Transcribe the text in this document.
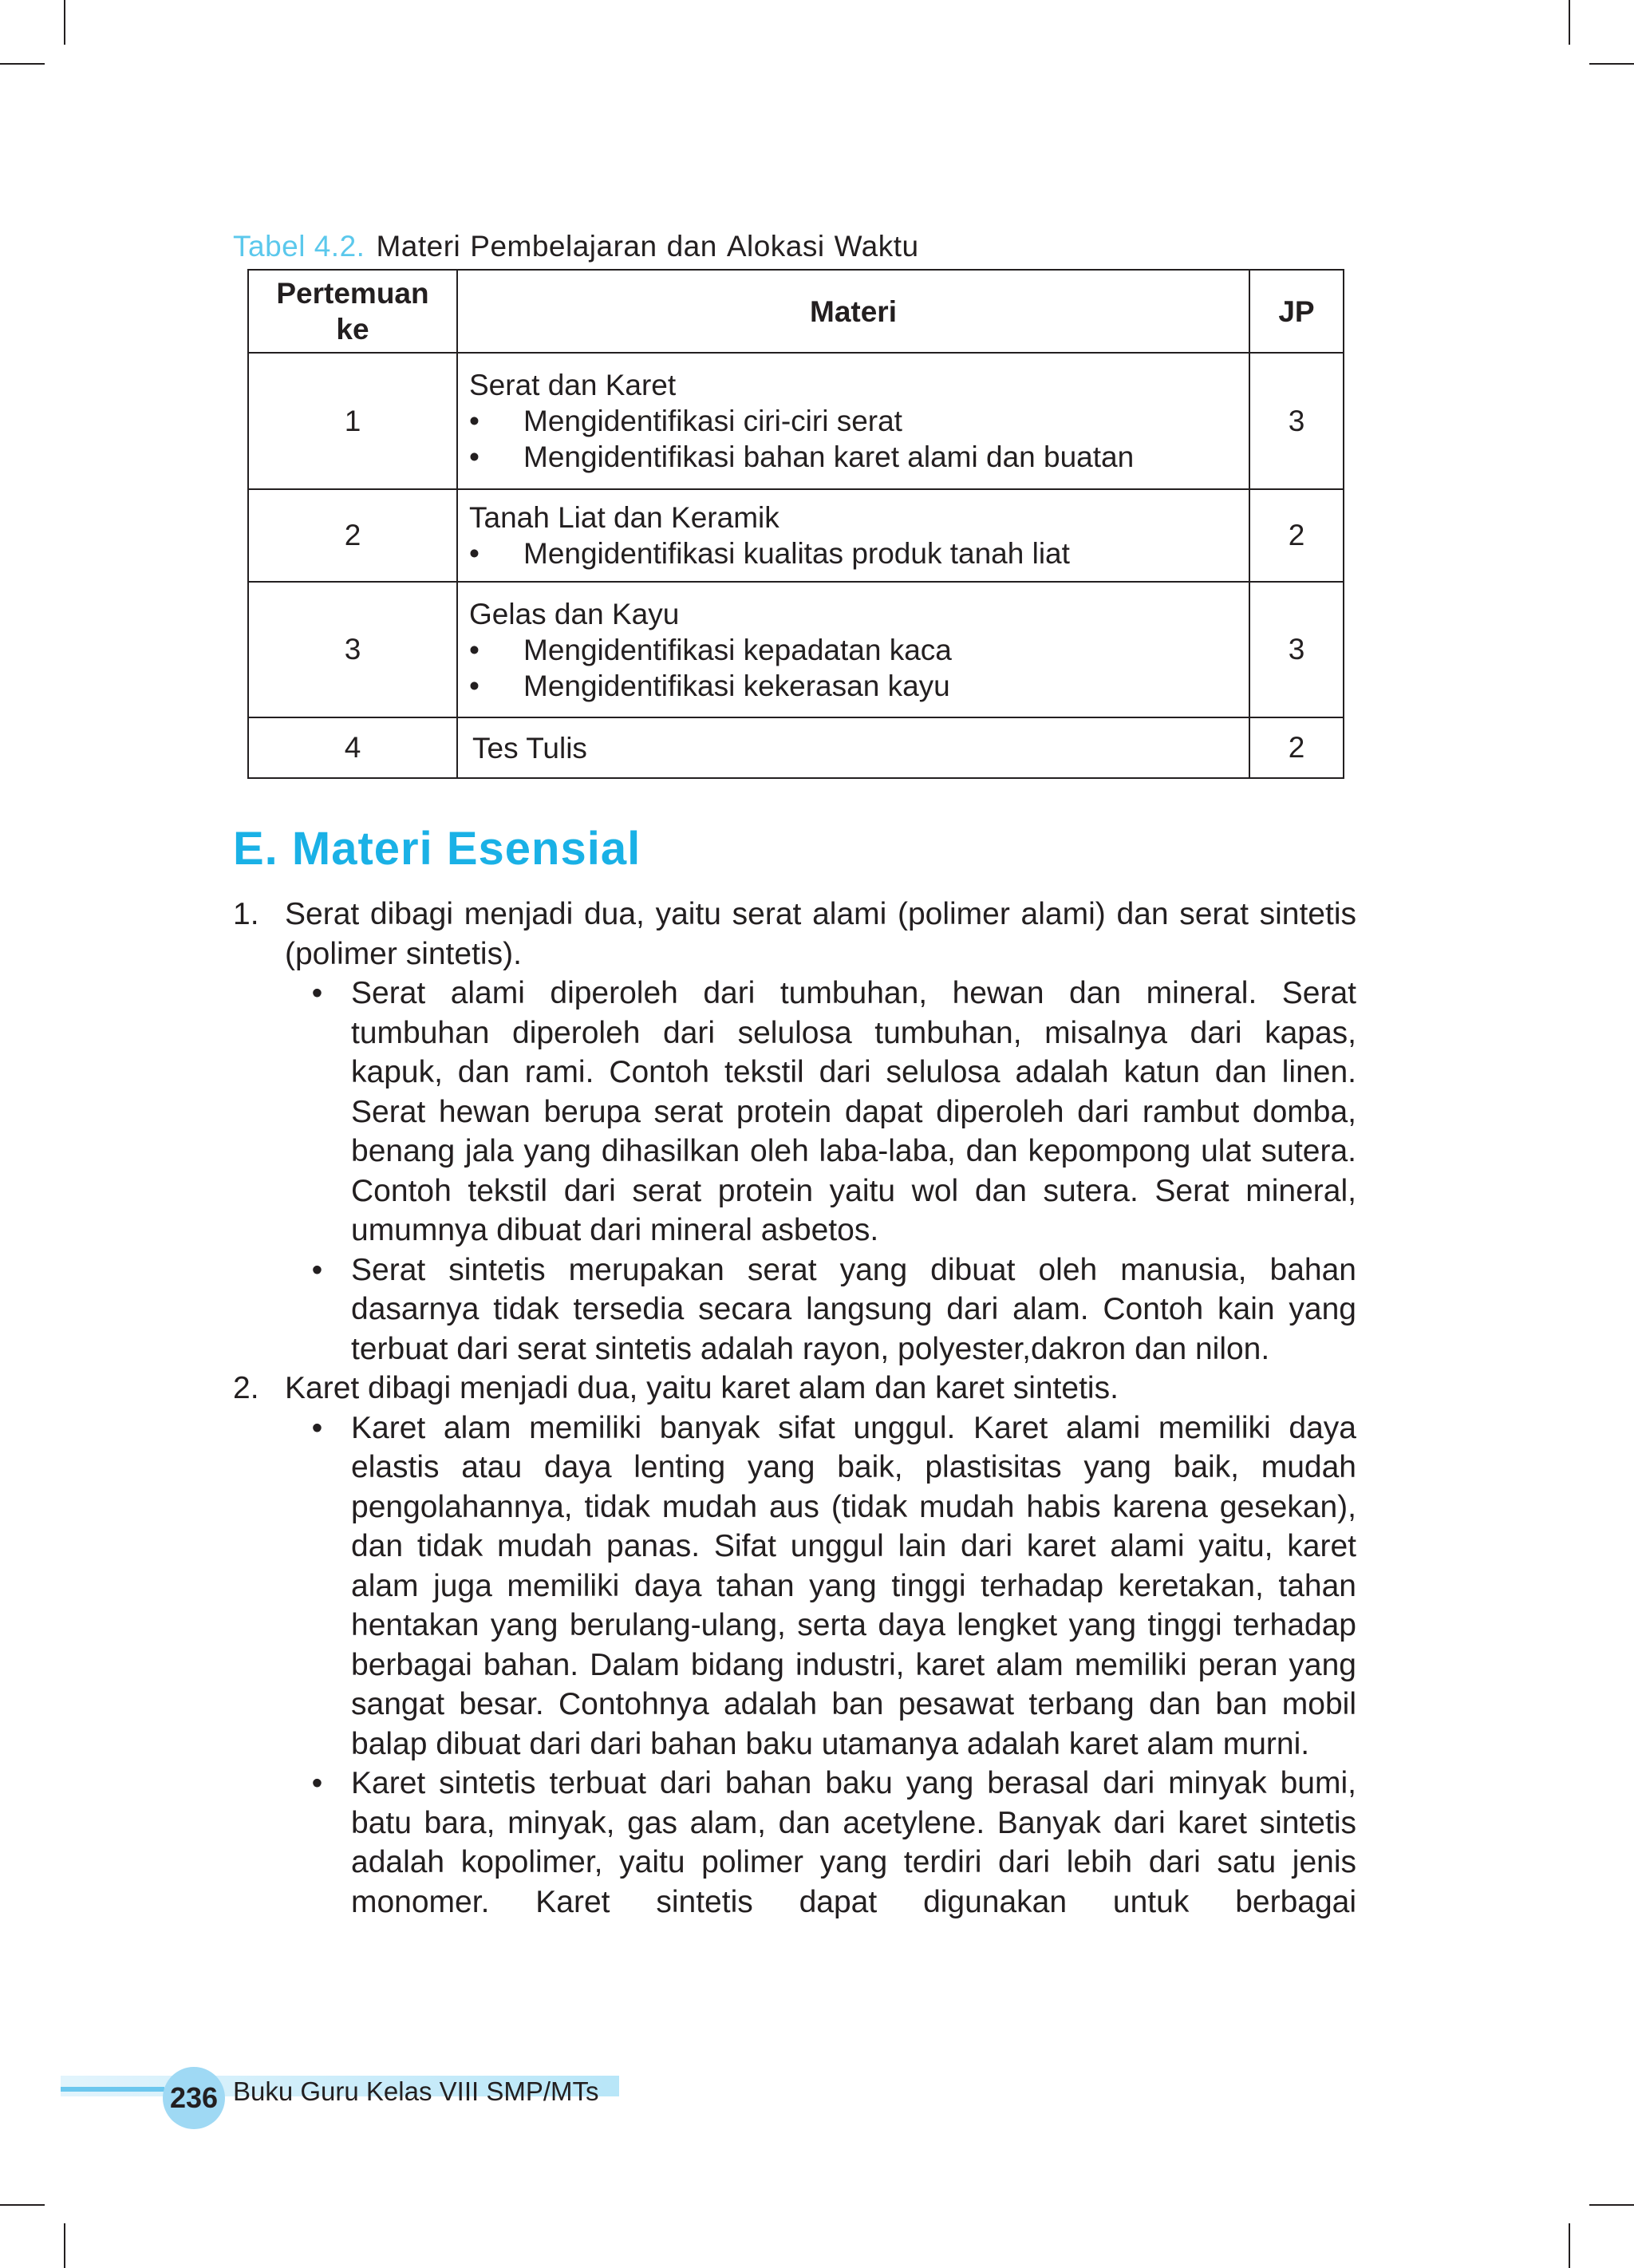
Tabel 4.2. Materi Pembelajaran dan Alokasi Waktu
Pertemuan
ke	Materi	JP
1	Serat dan Karet
• Mengidentifikasi ciri-ciri serat
• Mengidentifikasi bahan karet alami dan buatan	3
2	Tanah Liat dan Keramik
• Mengidentifikasi kualitas produk tanah liat	2
3	Gelas dan Kayu
• Mengidentifikasi kepadatan kaca
• Mengidentifikasi kekerasan kayu	3
4	Tes Tulis	2
E. Materi Esensial
1. Serat dibagi menjadi dua, yaitu serat alami (polimer alami) dan serat sintetis (polimer sintetis).
• Serat alami diperoleh dari tumbuhan, hewan dan mineral. Serat tumbuhan diperoleh dari selulosa tumbuhan, misalnya dari kapas, kapuk, dan rami. Contoh tekstil dari selulosa adalah katun dan linen. Serat hewan berupa serat protein dapat diperoleh dari rambut domba, benang jala yang dihasilkan oleh laba-laba, dan kepompong ulat sutera. Contoh tekstil dari serat protein yaitu wol dan sutera. Serat mineral, umumnya dibuat dari mineral asbetos.
• Serat sintetis merupakan serat yang dibuat oleh manusia, bahan dasarnya tidak tersedia secara langsung dari alam. Contoh kain yang terbuat dari serat sintetis adalah rayon, polyester,dakron dan nilon.
2. Karet dibagi menjadi dua, yaitu karet alam dan karet sintetis.
• Karet alam memiliki banyak sifat unggul. Karet alami memiliki daya elastis atau daya lenting yang baik, plastisitas yang baik, mudah pengolahannya, tidak mudah aus (tidak mudah habis karena gesekan), dan tidak mudah panas. Sifat unggul lain dari karet alami yaitu, karet alam juga memiliki daya tahan yang tinggi terhadap keretakan, tahan hentakan yang berulang-ulang, serta daya lengket yang tinggi terhadap berbagai bahan. Dalam bidang industri, karet alam memiliki peran yang sangat besar. Contohnya adalah ban pesawat terbang dan ban mobil balap dibuat dari dari bahan baku utamanya adalah karet alam murni.
• Karet sintetis terbuat dari bahan baku yang berasal dari minyak bumi, batu bara, minyak, gas alam, dan acetylene. Banyak dari karet sintetis adalah kopolimer, yaitu polimer yang terdiri dari lebih dari satu jenis monomer. Karet sintetis dapat digunakan untuk berbagai
236 Buku Guru Kelas VIII SMP/MTs
